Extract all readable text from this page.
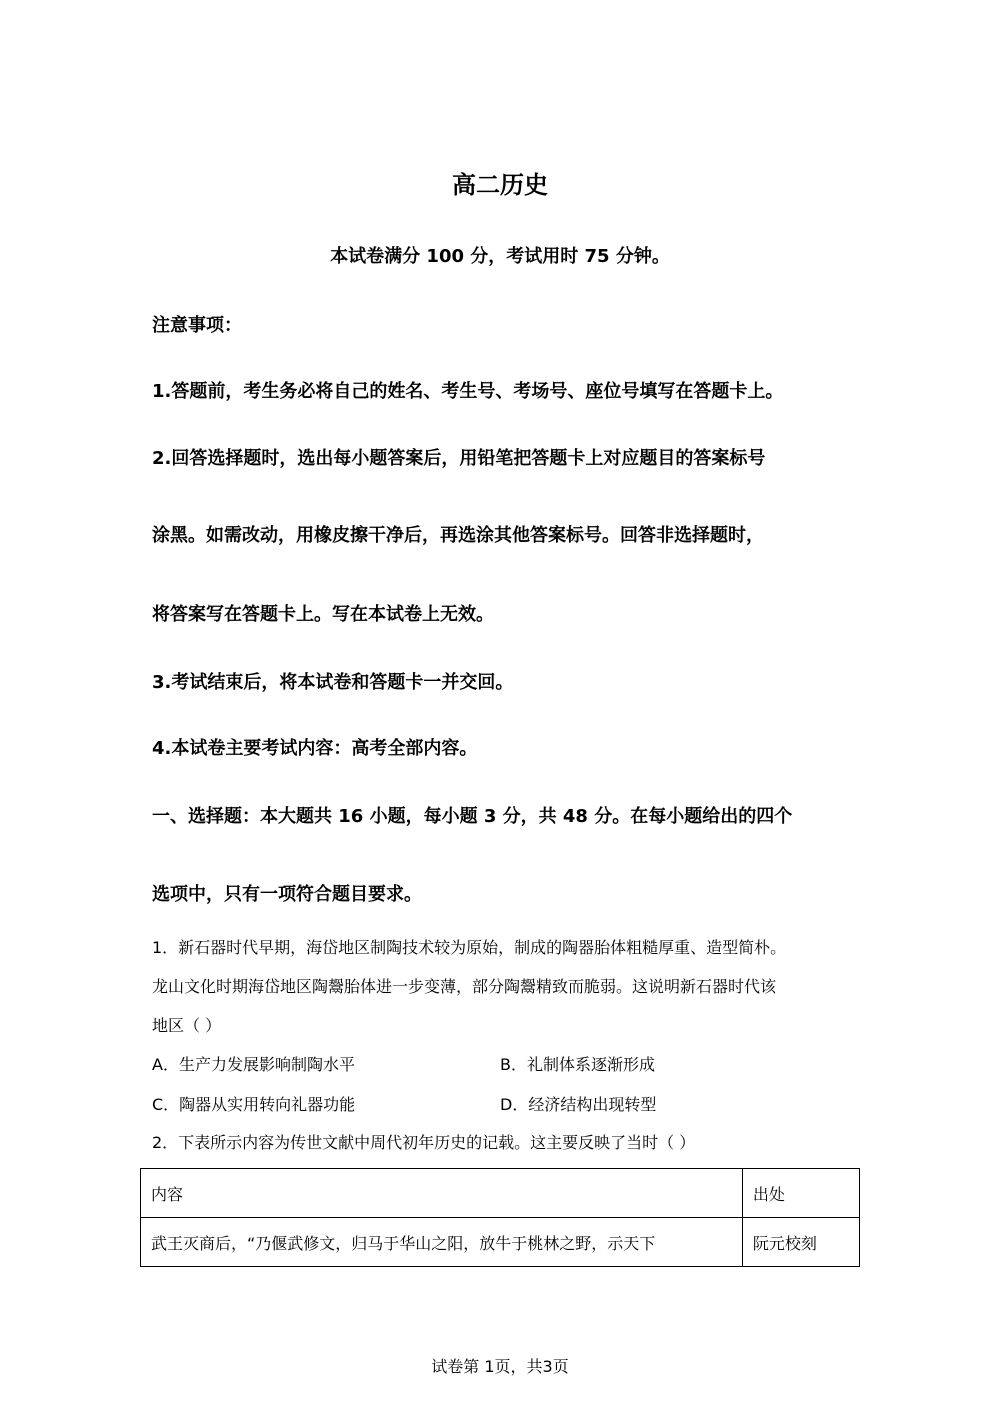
高二历史
本试卷满分 100 分，考试用时 75 分钟。
注意事项：
1.答题前，考生务必将自己的姓名、考生号、考场号、座位号填写在答题卡上。
2.回答选择题时，选出每小题答案后，用铅笔把答题卡上对应题目的答案标号
涂黑。如需改动，用橡皮擦干净后，再选涂其他答案标号。回答非选择题时，
将答案写在答题卡上。写在本试卷上无效。
3.考试结束后，将本试卷和答题卡一并交回。
4.本试卷主要考试内容：高考全部内容。
一、选择题：本大题共 16 小题，每小题 3 分，共 48 分。在每小题给出的四个
选项中，只有一项符合题目要求。
1．新石器时代早期，海岱地区制陶技术较为原始，制成的陶器胎体粗糙厚重、造型简朴。
龙山文化时期海岱地区陶鬶胎体进一步变薄，部分陶鬶精致而脆弱。这说明新石器时代该
地区（ ）
A．生产力发展影响制陶水平	B．礼制体系逐渐形成
C．陶器从实用转向礼器功能	D．经济结构出现转型
2．下表所示内容为传世文献中周代初年历史的记载。这主要反映了当时（ ）
内容	出处
武王灭商后，“乃偃武修文，归马于华山之阳，放牛于桃林之野，示天下	阮元校刻
试卷第 1页，共3页
